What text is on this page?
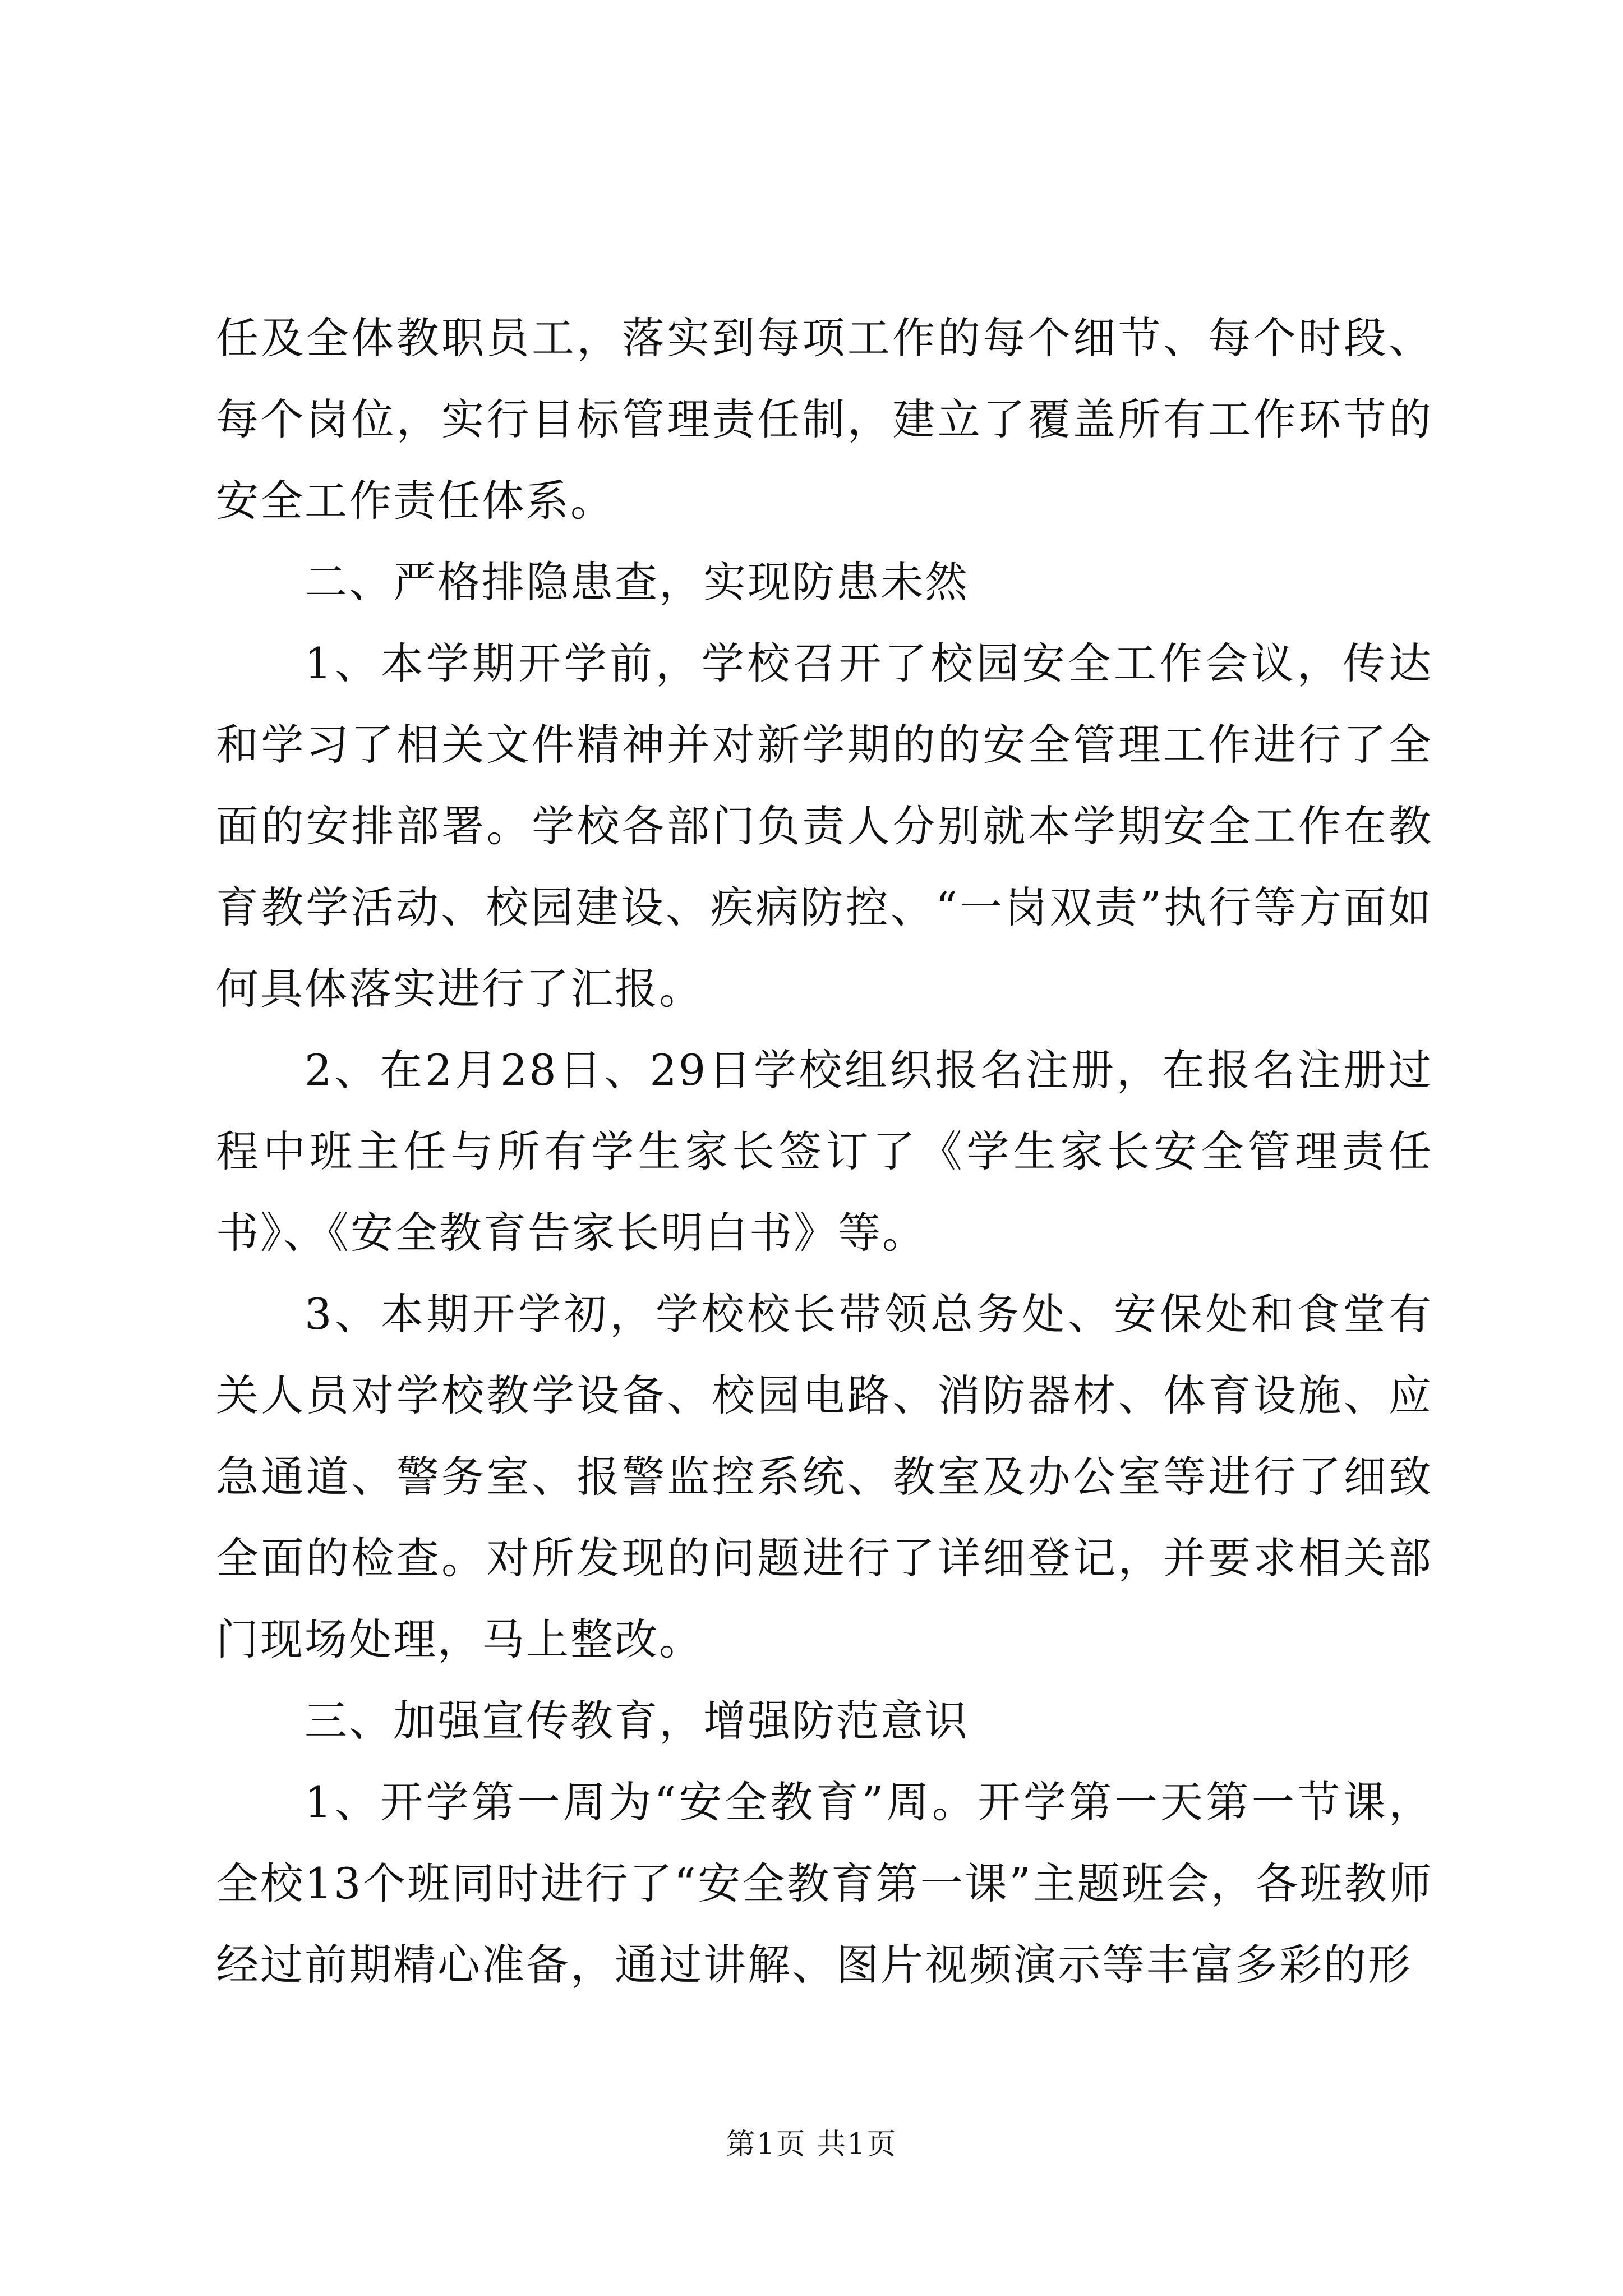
任及全体教职员工，落实到每项工作的每个细节、每个时段、每个岗位，实行目标管理责任制，建立了覆盖所有工作环节的安全工作责任体系。

二、严格排隐患查，实现防患未然

1、本学期开学前，学校召开了校园安全工作会议，传达和学习了相关文件精神并对新学期的的安全管理工作进行了全面的安排部署。学校各部门负责人分别就本学期安全工作在教育教学活动、校园建设、疾病防控、“一岗双责”执行等方面如何具体落实进行了汇报。

2、在2月28日、29日学校组织报名注册，在报名注册过程中班主任与所有学生家长签订了《学生家长安全管理责任书》、《安全教育告家长明白书》等。

3、本期开学初，学校校长带领总务处、安保处和食堂有关人员对学校教学设备、校园电路、消防器材、体育设施、应急通道、警务室、报警监控系统、教室及办公室等进行了细致全面的检查。对所发现的问题进行了详细登记，并要求相关部门现场处理，马上整改。

三、加强宣传教育，增强防范意识

1、开学第一周为“安全教育”周。开学第一天第一节课，全校13个班同时进行了“安全教育第一课”主题班会，各班教师经过前期精心准备，通过讲解、图片视频演示等丰富多彩的形

第1页 共1页
